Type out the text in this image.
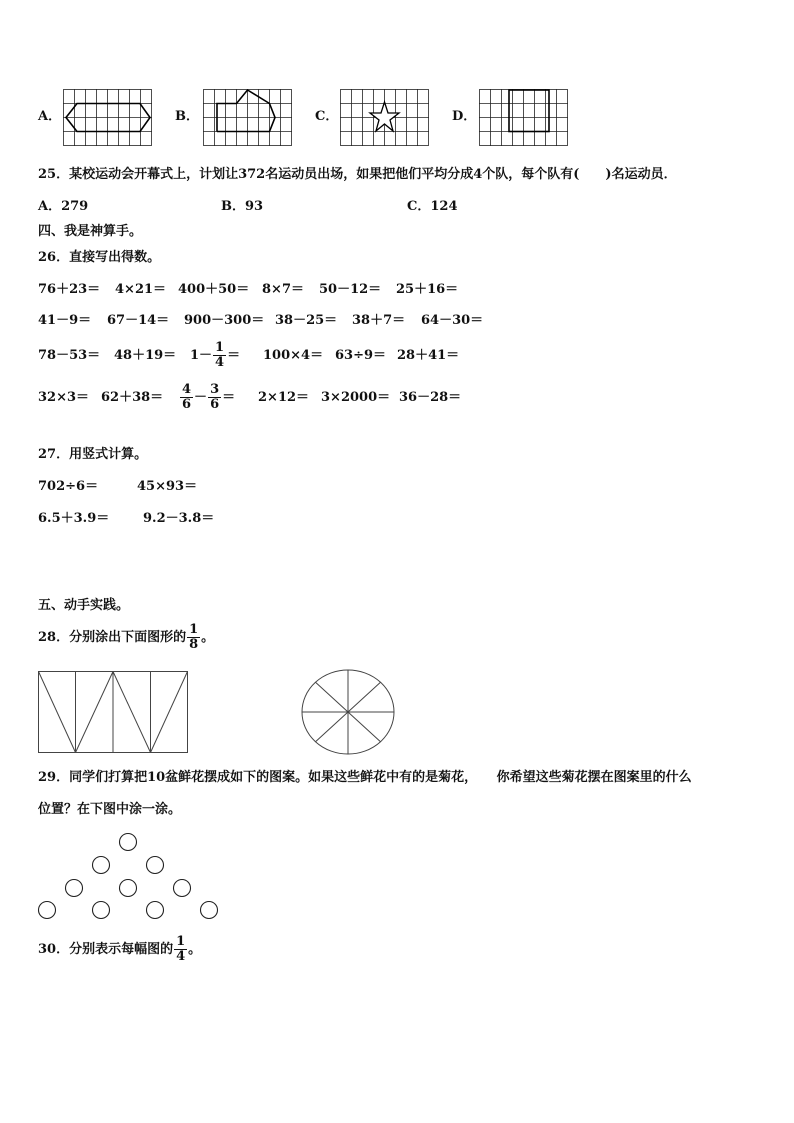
A．	B．	C．	D．
25．某校运动会开幕式上，计划让372名运动员出场，如果把他们平均分成4个队，每个队有(　　)名运动员．
A．279	B．93	C．124
四、我是神算手。
26．直接写出得数。
76＋23＝ 4×21＝ 400＋50＝ 8×7＝ 50－12＝ 25＋16＝
41－9＝ 67－14＝ 900－300＝ 38－25＝ 38＋7＝ 64－30＝
$78-53= 48+19= 1- \frac{1}{4} = 100\times 4= 63\div 9= 28+41=$
$32\times 3= 62+38= \frac{4}{6} - \frac{3}{6} = 2\times 12= 3\times 2000= 36-28=$
27．用竖式计算。
702÷6＝	45×93＝
6.5＋3.9＝	9.2－3.8＝
五、动手实践。
28．分别涂出下面图形的 $\frac{1}{8}$ 。
29．同学们打算把10盆鲜花摆成如下的图案。如果这些鲜花中有的是菊花，　　你希望这些菊花摆在图案里的什么
位置？在下图中涂一涂。
30．分别表示每幅图的 $\frac{1}{4}$ 。
